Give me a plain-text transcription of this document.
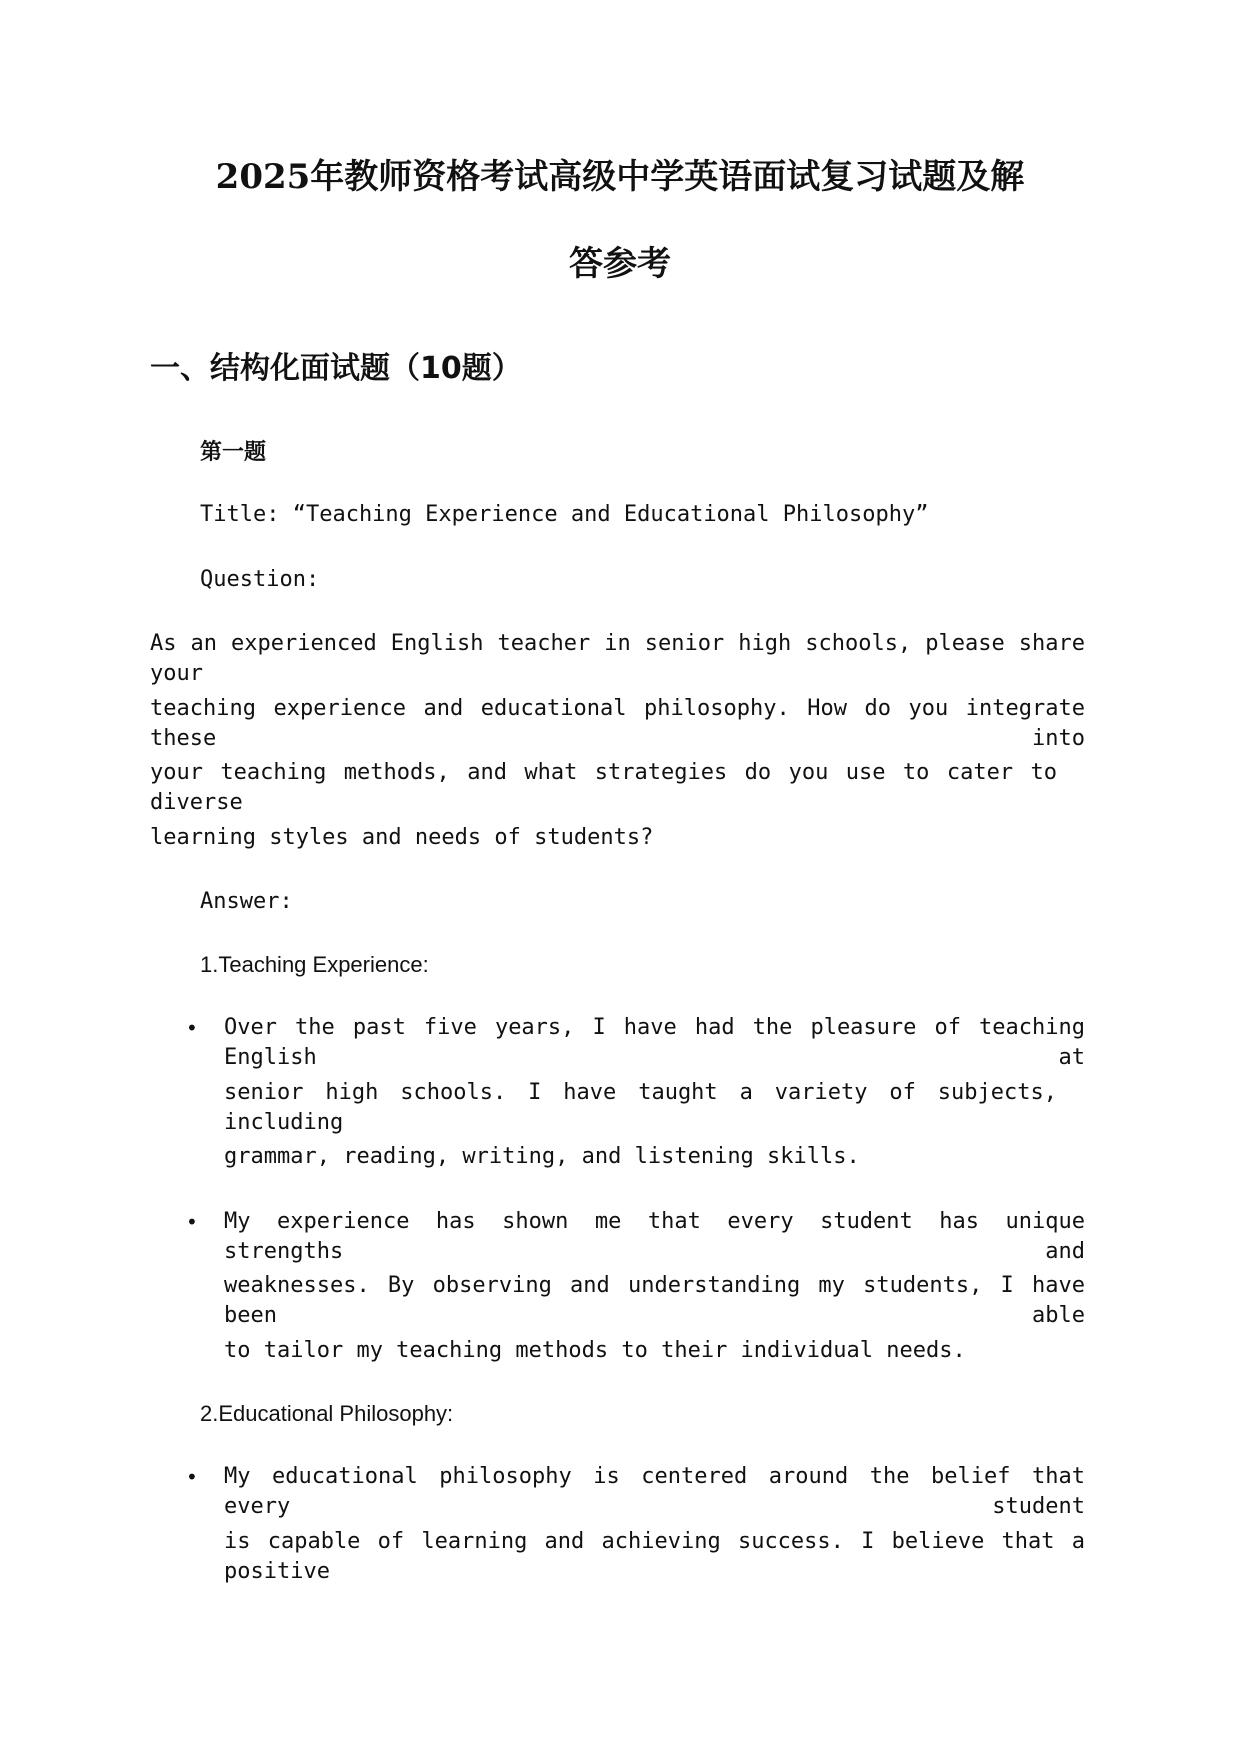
2025年教师资格考试高级中学英语面试复习试题及解
答参考
一、结构化面试题（10题）
第一题
Title: “Teaching Experience and Educational Philosophy”
Question:
As an experienced English teacher in senior high schools, please share your
teaching experience and educational philosophy. How do you integrate these into
your teaching methods, and what strategies do you use to cater to diverse
learning styles and needs of students?
Answer:
1.Teaching Experience:
• Over the past five years, I have had the pleasure of teaching English at
senior high schools. I have taught a variety of subjects, including
grammar, reading, writing, and listening skills.
• My experience has shown me that every student has unique strengths and
weaknesses. By observing and understanding my students, I have been able
to tailor my teaching methods to their individual needs.
2.Educational Philosophy:
• My educational philosophy is centered around the belief that every student
is capable of learning and achieving success. I believe that a positive
